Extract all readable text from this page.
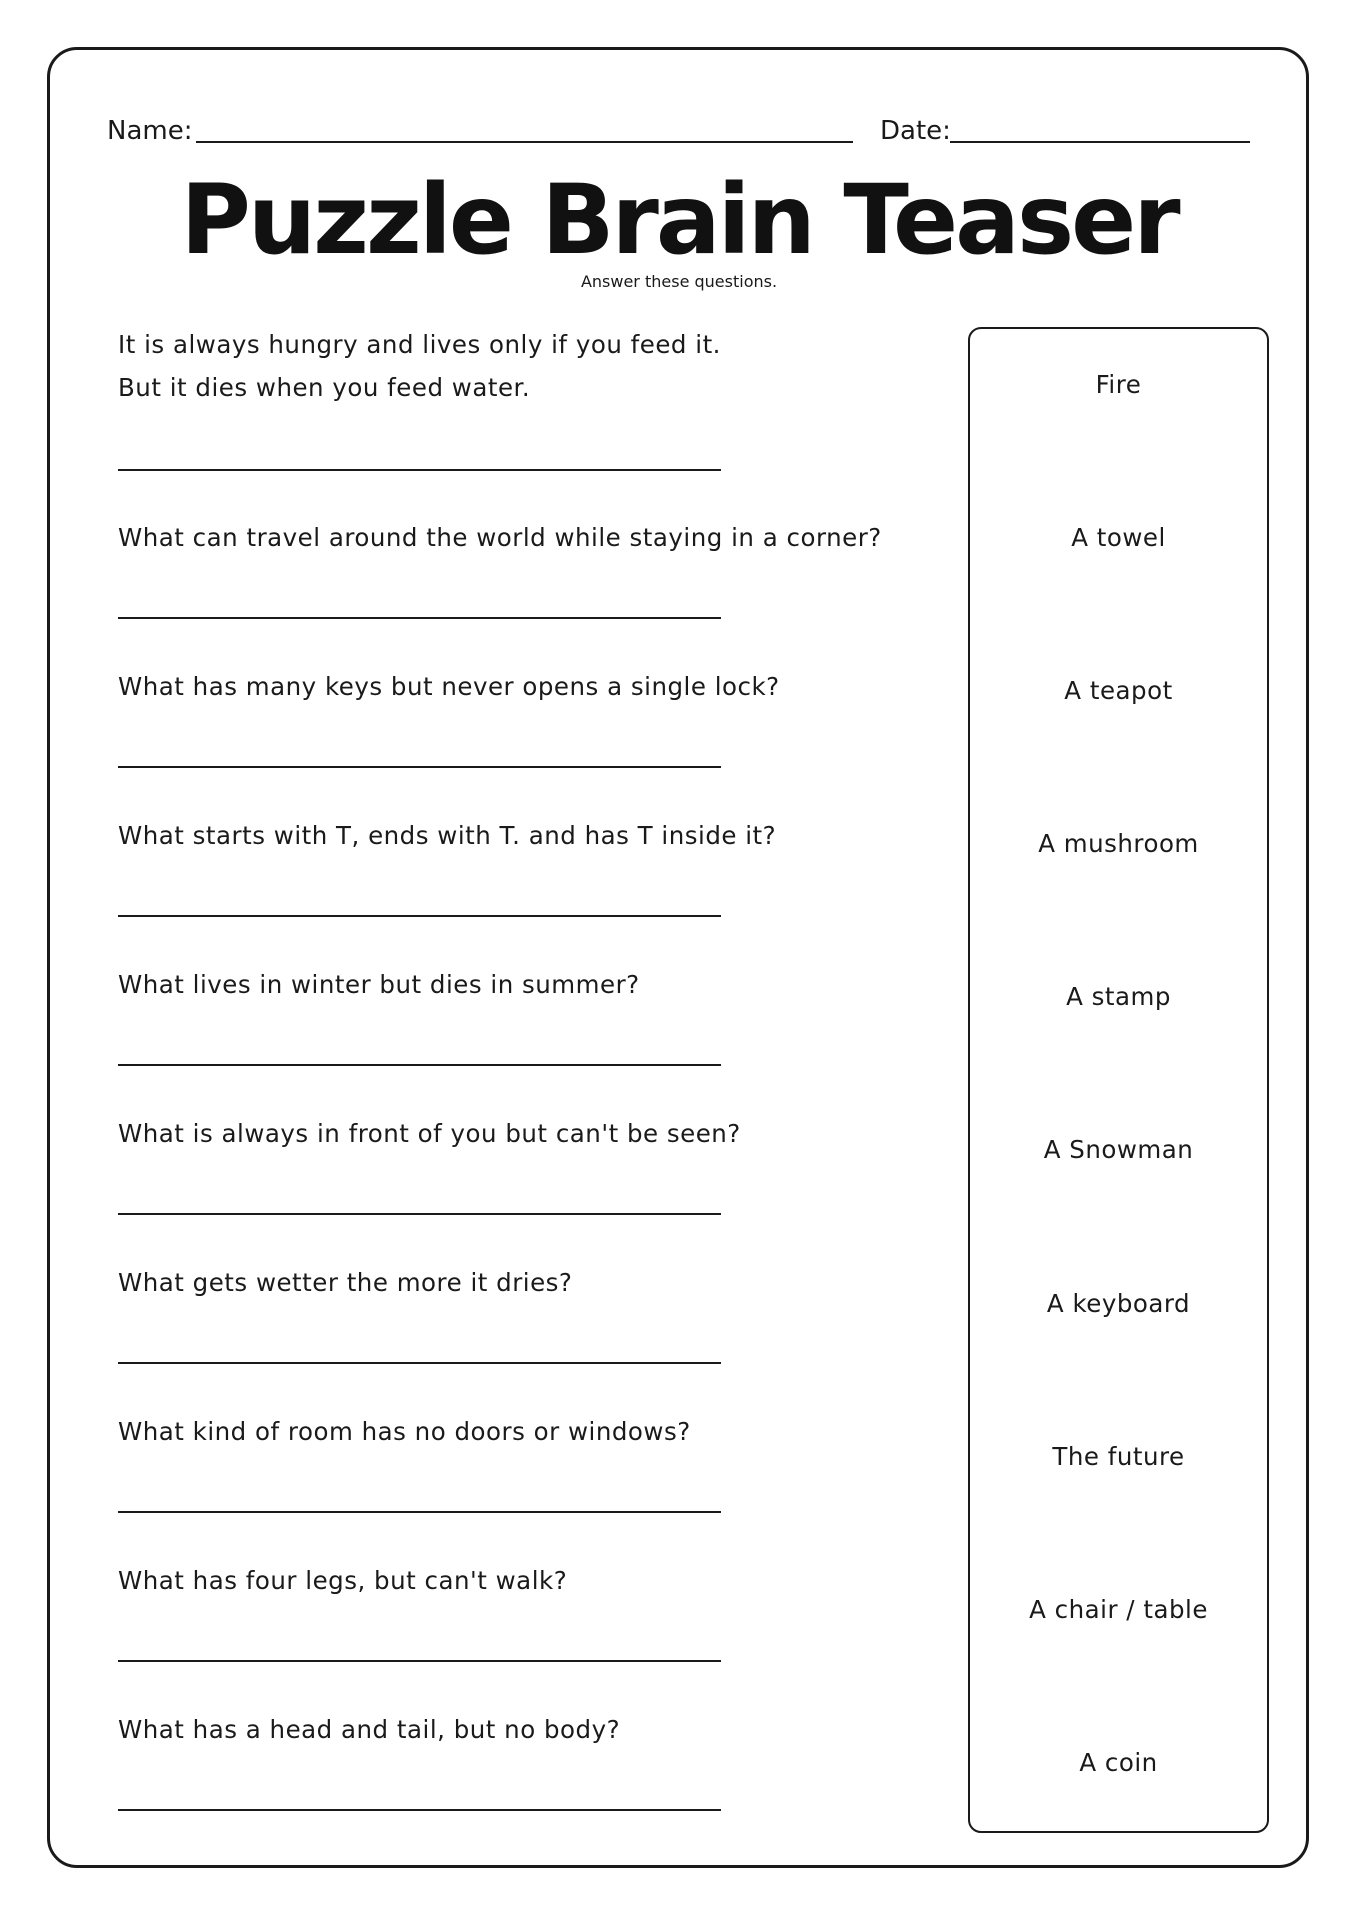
Name:	Date:
Puzzle Brain Teaser
Answer these questions.
It is always hungry and lives only if you feed it.
But it dies when you feed water.
What can travel around the world while staying in a corner?
What has many keys but never opens a single lock?
What starts with T, ends with T. and has T inside it?
What lives in winter but dies in summer?
What is always in front of you but can't be seen?
What gets wetter the more it dries?
What kind of room has no doors or windows?
What has four legs, but can't walk?
What has a head and tail, but no body?
Fire
A towel
A teapot
A mushroom
A stamp
A Snowman
A keyboard
The future
A chair / table
A coin
